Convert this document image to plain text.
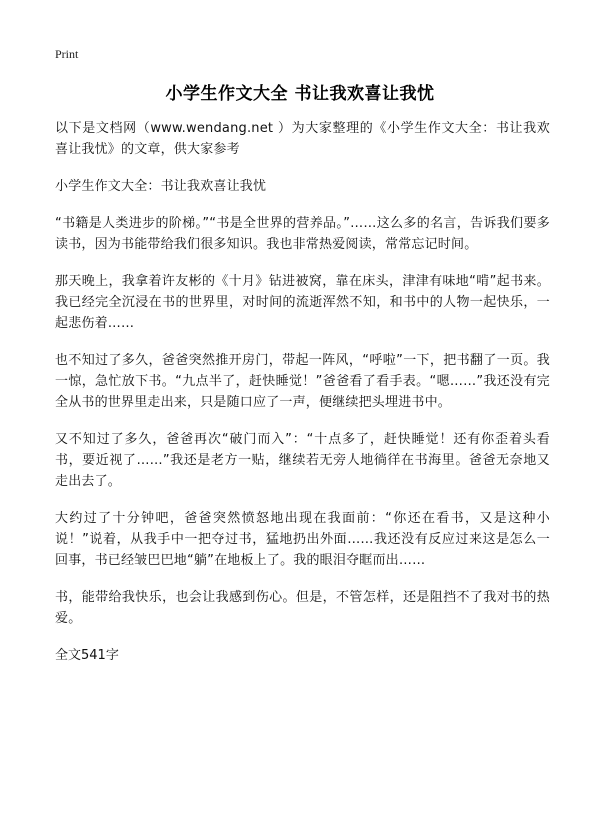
Print
小学生作文大全 书让我欢喜让我忧

以下是文档网（www.wendang.net ）为大家整理的《小学生作文大全：书让我欢喜让我忧》的文章，供大家参考

小学生作文大全：书让我欢喜让我忧

“书籍是人类进步的阶梯。”“书是全世界的营养品。”……这么多的名言，告诉我们要多读书，因为书能带给我们很多知识。我也非常热爱阅读，常常忘记时间。

那天晚上，我拿着许友彬的《十月》钻进被窝，靠在床头，津津有味地“啃”起书来。我已经完全沉浸在书的世界里，对时间的流逝浑然不知，和书中的人物一起快乐，一起悲伤着……

也不知过了多久，爸爸突然推开房门，带起一阵风，“呼啦”一下，把书翻了一页。我一惊，急忙放下书。“九点半了，赶快睡觉！”爸爸看了看手表。“嗯……”我还没有完全从书的世界里走出来，只是随口应了一声，便继续把头埋进书中。

又不知过了多久，爸爸再次“破门而入”：“十点多了，赶快睡觉！还有你歪着头看书，要近视了……”我还是老方一贴，继续若无旁人地徜徉在书海里。爸爸无奈地又走出去了。

大约过了十分钟吧，爸爸突然愤怒地出现在我面前：“你还在看书，又是这种小说！”说着，从我手中一把夺过书，猛地扔出外面……我还没有反应过来这是怎么一回事，书已经皱巴巴地“躺”在地板上了。我的眼泪夺眶而出……

书，能带给我快乐，也会让我感到伤心。但是，不管怎样，还是阻挡不了我对书的热爱。

全文541字
